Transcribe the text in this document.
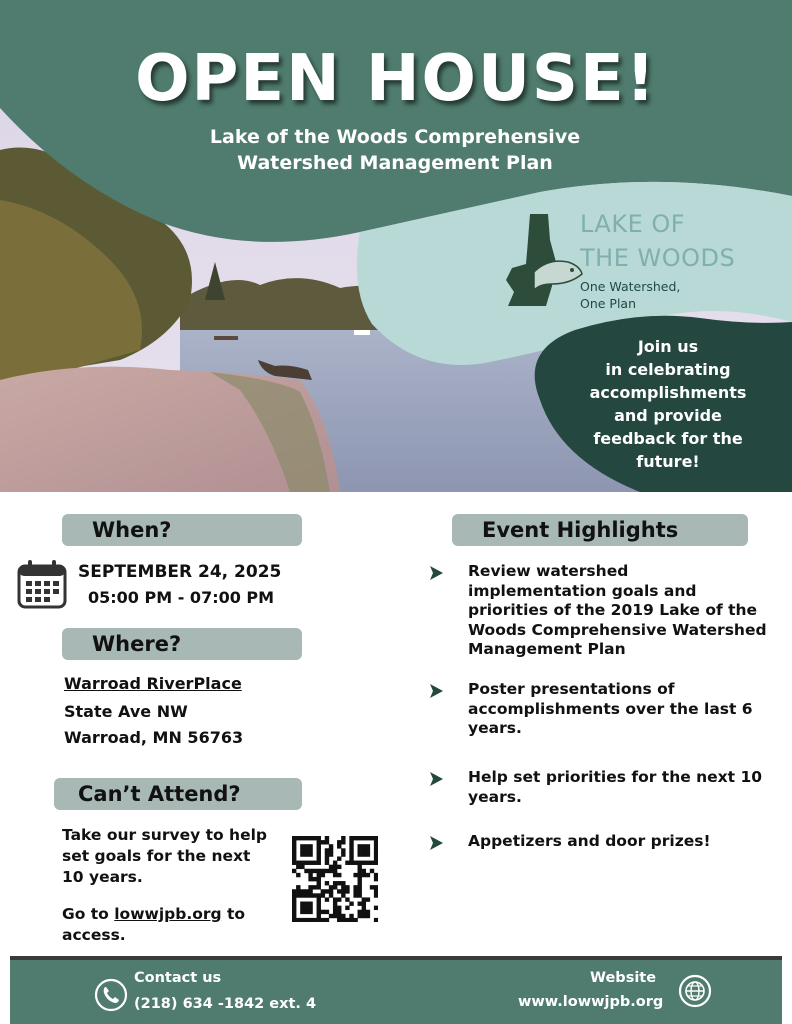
OPEN HOUSE!
Lake of the Woods Comprehensive
Watershed Management Plan
LAKE OF
THE WOODS
One Watershed,
One Plan
Join us
in celebrating
accomplishments
and provide
feedback for the
future!
When?
SEPTEMBER 24, 2025
05:00 PM - 07:00 PM
Where?
Warroad RiverPlace
State Ave NW
Warroad, MN 56763
Can’t Attend?
Take our survey to help set goals for the next 10 years.
Go to lowwjpb.org to access.
Event Highlights
Review watershed implementation goals and priorities of the 2019 Lake of the Woods Comprehensive Watershed Management Plan
Poster presentations of accomplishments over the last 6 years.
Help set priorities for the next 10 years.
Appetizers and door prizes!
Contact us
(218) 634 -1842 ext. 4
Website
www.lowwjpb.org
